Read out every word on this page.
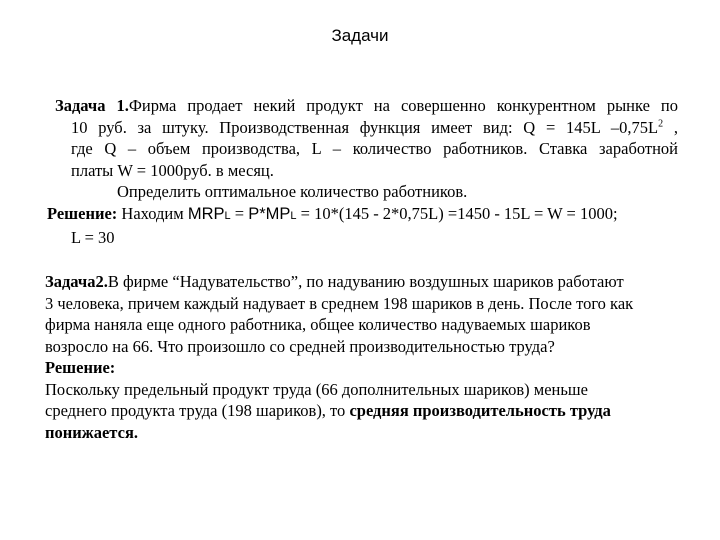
Задачи
Задача 1.Фирма продает некий продукт на совершенно конкурентном рынке по
10 руб. за штуку. Производственная функция имеет вид: Q = 145L $-0,75L^2$ ,
где Q – объем производства, L – количество работников. Ставка заработной
платы W = 1000руб. в месяц.
Определить оптимальное количество работников.
Решение: Находим MRPL = P*MPL = 10*(145 - 2*0,75L) =1450 - 15L = W = 1000;
L = 30
Задача2.В фирме “Надувательство”, по надуванию воздушных шариков работают
3 человека, причем каждый надувает в среднем 198 шариков в день. После того как
фирма наняла еще одного работника, общее количество надуваемых шариков
возросло на 66. Что произошло со средней производительностью труда?
Решение:
Поскольку предельный продукт труда (66 дополнительных шариков) меньше
среднего продукта труда (198 шариков), то средняя производительность труда
понижается.
